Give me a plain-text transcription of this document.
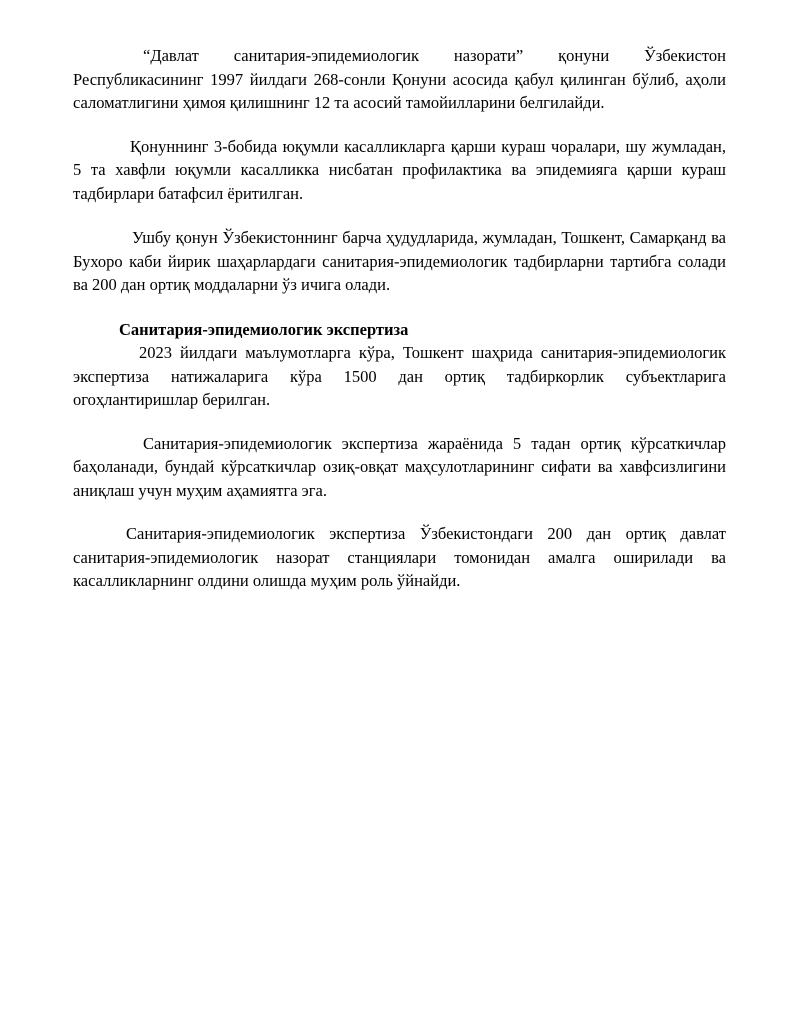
“Давлат санитария-эпидемиологик назорати” қонуни Ўзбекистон Республикасининг 1997 йилдаги 268-сонли Қонуни асосида қабул қилинган бўлиб, аҳоли саломатлигини ҳимоя қилишнинг 12 та асосий тамойилларини белгилайди.

Қонуннинг 3-бобида юқумли касалликларга қарши кураш чоралари, шу жумладан, 5 та хавфли юқумли касалликка нисбатан профилактика ва эпидемияга қарши кураш тадбирлари батафсил ёритилган.

Ушбу қонун Ўзбекистоннинг барча ҳудудларида, жумладан, Тошкент, Самарқанд ва Бухоро каби йирик шаҳарлардаги санитария-эпидемиологик тадбирларни тартибга солади ва 200 дан ортиқ моддаларни ўз ичига олади.

Санитария-эпидемиологик экспертиза

2023 йилдаги маълумотларга кўра, Тошкент шаҳрида санитария-эпидемиологик экспертиза натижаларига кўра 1500 дан ортиқ тадбиркорлик субъектларига огоҳлантиришлар берилган.

Санитария-эпидемиологик экспертиза жараёнида 5 тадан ортиқ кўрсаткичлар баҳоланади, бундай кўрсаткичлар озиқ-овқат маҳсулотларининг сифати ва хавфсизлигини аниқлаш учун муҳим аҳамиятга эга.

Санитария-эпидемиологик экспертиза Ўзбекистондаги 200 дан ортиқ давлат санитария-эпидемиологик назорат станциялари томонидан амалга оширилади ва касалликларнинг олдини олишда муҳим роль ўйнайди.
